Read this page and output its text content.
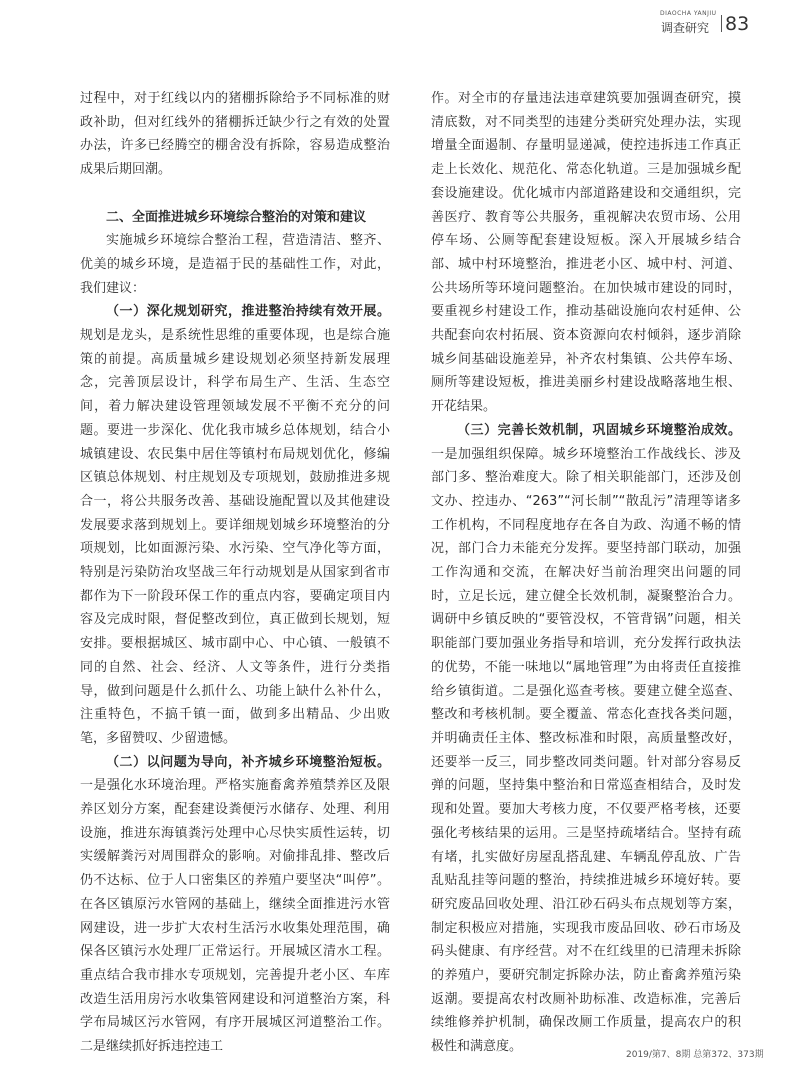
DIAOCHA YANJIU
调查研究 83

过程中，对于红线以内的猪棚拆除给予不同标准的财政补助，但对红线外的猪棚拆迁缺少行之有效的处置办法，许多已经腾空的棚舍没有拆除，容易造成整治成果后期回潮。

二、全面推进城乡环境综合整治的对策和建议

实施城乡环境综合整治工程，营造清洁、整齐、优美的城乡环境，是造福于民的基础性工作，对此，我们建议：

（一）深化规划研究，推进整治持续有效开展。规划是龙头，是系统性思维的重要体现，也是综合施策的前提。高质量城乡建设规划必须坚持新发展理念，完善顶层设计，科学布局生产、生活、生态空间，着力解决建设管理领域发展不平衡不充分的问题。要进一步深化、优化我市城乡总体规划，结合小城镇建设、农民集中居住等镇村布局规划优化，修编区镇总体规划、村庄规划及专项规划，鼓励推进多规合一，将公共服务改善、基础设施配置以及其他建设发展要求落到规划上。要详细规划城乡环境整治的分项规划，比如面源污染、水污染、空气净化等方面，特别是污染防治攻坚战三年行动规划是从国家到省市都作为下一阶段环保工作的重点内容，要确定项目内容及完成时限，督促整改到位，真正做到长规划，短安排。要根据城区、城市副中心、中心镇、一般镇不同的自然、社会、经济、人文等条件，进行分类指导，做到问题是什么抓什么、功能上缺什么补什么，注重特色，不搞千镇一面，做到多出精品、少出败笔，多留赞叹、少留遗憾。

（二）以问题为导向，补齐城乡环境整治短板。一是强化水环境治理。严格实施畜禽养殖禁养区及限养区划分方案，配套建设粪便污水储存、处理、利用设施，推进东海镇粪污处理中心尽快实质性运转，切实缓解粪污对周围群众的影响。对偷排乱排、整改后仍不达标、位于人口密集区的养殖户要坚决“叫停”。在各区镇原污水管网的基础上，继续全面推进污水管网建设，进一步扩大农村生活污水收集处理范围，确保各区镇污水处理厂正常运行。开展城区清水工程。重点结合我市排水专项规划，完善提升老小区、车库改造生活用房污水收集管网建设和河道整治方案，科学布局城区污水管网，有序开展城区河道整治工作。二是继续抓好拆违控违工

作。对全市的存量违法违章建筑要加强调查研究，摸清底数，对不同类型的违建分类研究处理办法，实现增量全面遏制、存量明显递减，使控违拆违工作真正走上长效化、规范化、常态化轨道。三是加强城乡配套设施建设。优化城市内部道路建设和交通组织，完善医疗、教育等公共服务，重视解决农贸市场、公用停车场、公厕等配套建设短板。深入开展城乡结合部、城中村环境整治，推进老小区、城中村、河道、公共场所等环境问题整治。在加快城市建设的同时，要重视乡村建设工作，推动基础设施向农村延伸、公共配套向农村拓展、资本资源向农村倾斜，逐步消除城乡间基础设施差异，补齐农村集镇、公共停车场、厕所等建设短板，推进美丽乡村建设战略落地生根、开花结果。

（三）完善长效机制，巩固城乡环境整治成效。一是加强组织保障。城乡环境整治工作战线长、涉及部门多、整治难度大。除了相关职能部门，还涉及创文办、控违办、“263”“河长制”“散乱污”清理等诸多工作机构，不同程度地存在各自为政、沟通不畅的情况，部门合力未能充分发挥。要坚持部门联动，加强工作沟通和交流，在解决好当前治理突出问题的同时，立足长远，建立健全长效机制，凝聚整治合力。调研中乡镇反映的“要管没权，不管背锅”问题，相关职能部门要加强业务指导和培训，充分发挥行政执法的优势，不能一味地以“属地管理”为由将责任直接推给乡镇街道。二是强化巡查考核。要建立健全巡查、整改和考核机制。要全覆盖、常态化查找各类问题，并明确责任主体、整改标准和时限，高质量整改好，还要举一反三，同步整改同类问题。针对部分容易反弹的问题，坚持集中整治和日常巡查相结合，及时发现和处置。要加大考核力度，不仅要严格考核，还要强化考核结果的运用。三是坚持疏堵结合。坚持有疏有堵，扎实做好房屋乱搭乱建、车辆乱停乱放、广告乱贴乱挂等问题的整治，持续推进城乡环境好转。要研究废品回收处理、沿江砂石码头布点规划等方案，制定积极应对措施，实现我市废品回收、砂石市场及码头健康、有序经营。对不在红线里的已清理未拆除的养殖户，要研究制定拆除办法，防止畜禽养殖污染返潮。要提高农村改厕补助标准、改造标准，完善后续维修养护机制，确保改厕工作质量，提高农户的积极性和满意度。

2019/第7、8期 总第372、373期
